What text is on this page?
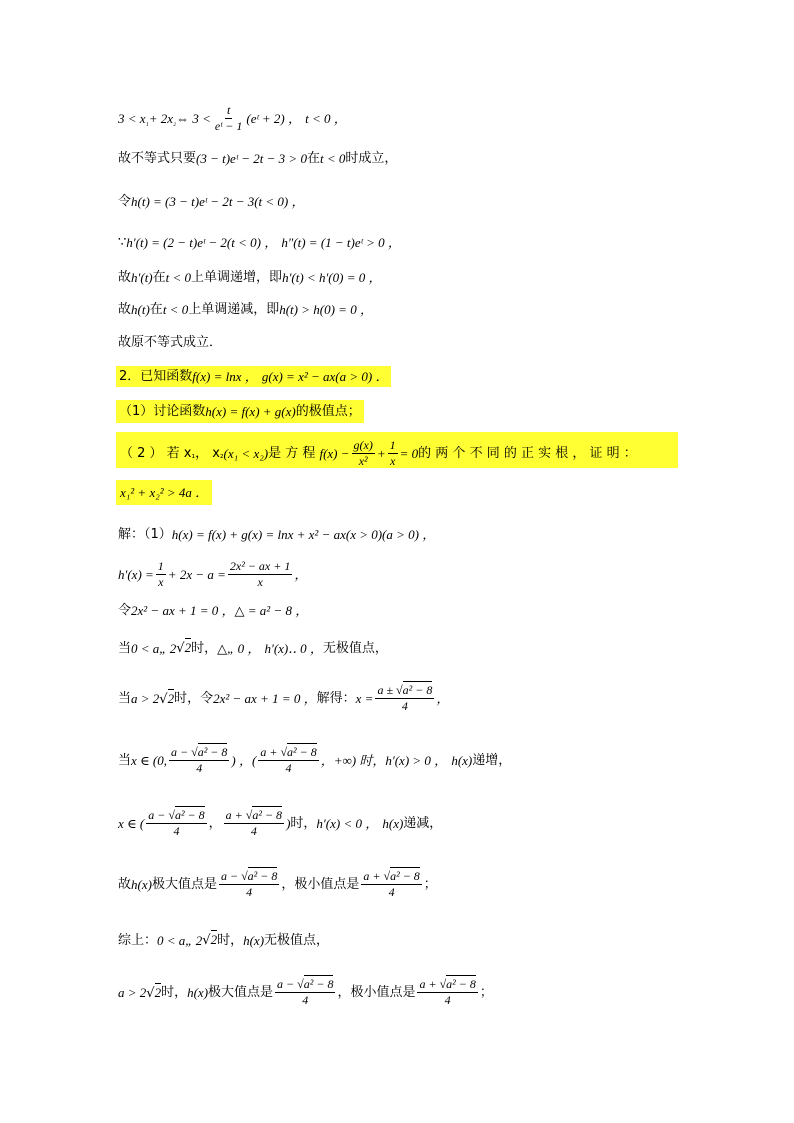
3 < x ₁ + 2x ₂ ⇔ $3 < \frac{t}{\text{eᵗ − 1}}$ (eᵗ + 2) ，
t < 0 ，
故不等式只要 (3 − t)eᵗ − 2t − 3 > 0 在 t < 0 时成立，
令 h(t) = (3 − t)eᵗ − 2t − 3(t < 0) ，
∵ h′(t) = (2 − t)eᵗ − 2(t < 0) ，
h″(t) = (1 − t)eᵗ > 0 ，
故 h′(t) 在 t < 0 上单调递增，即 h′(t) < h′(0) = 0 ，
故 h(t) 在 t < 0 上单调递减，即 h(t) > h(0) = 0 ，
故原不等式成立．
2．已知函数 f(x) = lnx ，
g(x) = x² − ax(a > 0) ．
（1）讨论函数 h(x) = f(x) + g(x) 的极值点；
（ 2 ） 若 x ₁ ， x ₂ (x₁ < x₂) 是 方 程
$f(x) - \frac{g(x)}{\text{x²}} + \frac{1}{x} = 0$ 的 两 个 不 同 的 正 实 根 ， 证 明 ：
x₁² + x₂² > 4a ．
解：（1） h(x) = f(x) + g(x) = lnx + x² − ax(x > 0)(a > 0) ，
$h'(x) = \frac{1}{x} + 2x - a = \frac{\text{2x² − ax + 1}}{x}$ ，
令 2x² − ax + 1 = 0 ， △ = a² − 8 ，
当 0 < a„ 2 √2 时， △„ 0 ，
h′(x)‥ 0 ， 无极值点，
当 a > 2 √2 时，令 2x² − ax + 1 = 0 ， 解得： $x = \frac{\text{a ± √a² − 8}}{4}$ ，
当 x ∈ (0, $\frac{\text{a − √a² − 8}}{4}$ ) ， ( $\frac{\text{a + √a² − 8}}{4}$ ，+∞) 时， h′(x) > 0 ，
h(x) 递增，
x ∈ ( $\frac{\text{a − √a² − 8}}{4}$ ， $\frac{\text{a + √a² − 8}}{4}$ ) 时， h′(x) < 0 ，
h(x) 递减，
故 h(x) 极大值点是 $\frac{\text{a − √a² − 8}}{4}$ ，极小值点是 $\frac{\text{a + √a² − 8}}{4}$ ；
综上： 0 < a„ 2 √2 时， h(x) 无极值点，
a > 2 √2 时， h(x) 极大值点是 $\frac{\text{a − √a² − 8}}{4}$ ，极小值点是 $\frac{\text{a + √a² − 8}}{4}$ ；
